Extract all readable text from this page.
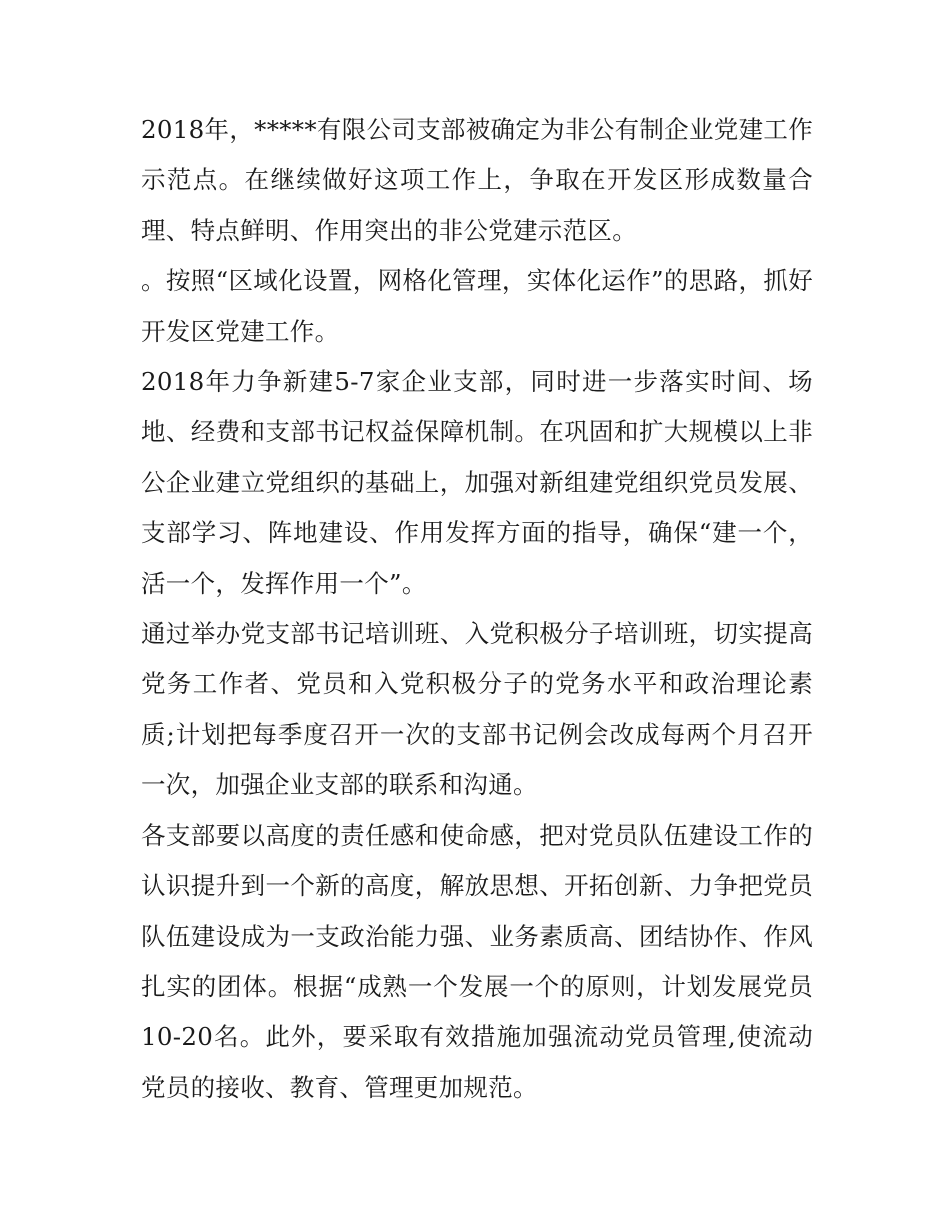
2018年，*****有限公司支部被确定为非公有制企业党建工作示范点。在继续做好这项工作上，争取在开发区形成数量合理、特点鲜明、作用突出的非公党建示范区。

。按照“区域化设置，网格化管理，实体化运作”的思路，抓好开发区党建工作。

2018年力争新建5-7家企业支部，同时进一步落实时间、场地、经费和支部书记权益保障机制。在巩固和扩大规模以上非公企业建立党组织的基础上，加强对新组建党组织党员发展、支部学习、阵地建设、作用发挥方面的指导，确保“建一个，活一个，发挥作用一个”。

通过举办党支部书记培训班、入党积极分子培训班，切实提高党务工作者、党员和入党积极分子的党务水平和政治理论素质;计划把每季度召开一次的支部书记例会改成每两个月召开一次，加强企业支部的联系和沟通。

各支部要以高度的责任感和使命感，把对党员队伍建设工作的认识提升到一个新的高度，解放思想、开拓创新、力争把党员队伍建设成为一支政治能力强、业务素质高、团结协作、作风扎实的团体。根据“成熟一个发展一个的原则，计划发展党员10-20名。此外，要采取有效措施加强流动党员管理,使流动党员的接收、教育、管理更加规范。
